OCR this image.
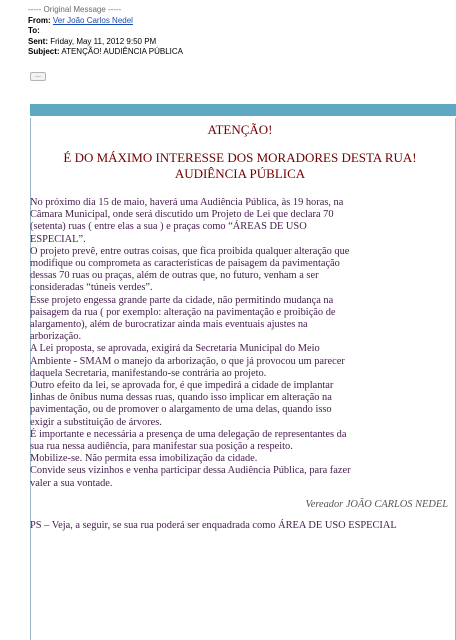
----- Original Message -----
From: Ver João Carlos Nedel
To:
Sent: Friday, May 11, 2012 9:50 PM
Subject: ATENÇÃO! AUDIÊNCIA PÚBLICA
...
ATENÇÃO!
É DO MÁXIMO INTERESSE DOS MORADORES DESTA RUA!
AUDIÊNCIA PÚBLICA
No próximo dia 15 de maio, haverá uma Audiência Pública, às 19 horas, na
Câmara Municipal, onde será discutido um Projeto de Lei que declara 70
(setenta) ruas ( entre elas a sua ) e praças como “ÁREAS DE USO
ESPECIAL”.
O projeto prevê, entre outras coisas, que fica proibida qualquer alteração que
modifique ou comprometa as características de paisagem da pavimentação
dessas 70 ruas ou praças, além de outras que, no futuro, venham a ser
consideradas “túneis verdes”.
Esse projeto engessa grande parte da cidade, não permitindo mudança na
paisagem da rua ( por exemplo: alteração na pavimentação e proibição de
alargamento), além de burocratizar ainda mais eventuais ajustes na
arborização.
A Lei proposta, se aprovada, exigirá da Secretaria Municipal do Meio
Ambiente - SMAM o manejo da arborização, o que já provocou um parecer
daquela Secretaria, manifestando-se contrária ao projeto.
Outro efeito da lei, se aprovada for, é que impedirá a cidade de implantar
linhas de ônibus numa dessas ruas, quando isso implicar em alteração na
pavimentação, ou de promover o alargamento de uma delas, quando isso
exigir a substituição de árvores.
É importante e necessária a presença de uma delegação de representantes da
sua rua nessa audiência, para manifestar sua posição a respeito.
Mobilize-se. Não permita essa imobilização da cidade.
Convide seus vizinhos e venha participar dessa Audiência Pública, para fazer
valer a sua vontade.
Vereador JOÃO CARLOS NEDEL
PS – Veja, a seguir, se sua rua poderá ser enquadrada como ÁREA DE USO ESPECIAL
